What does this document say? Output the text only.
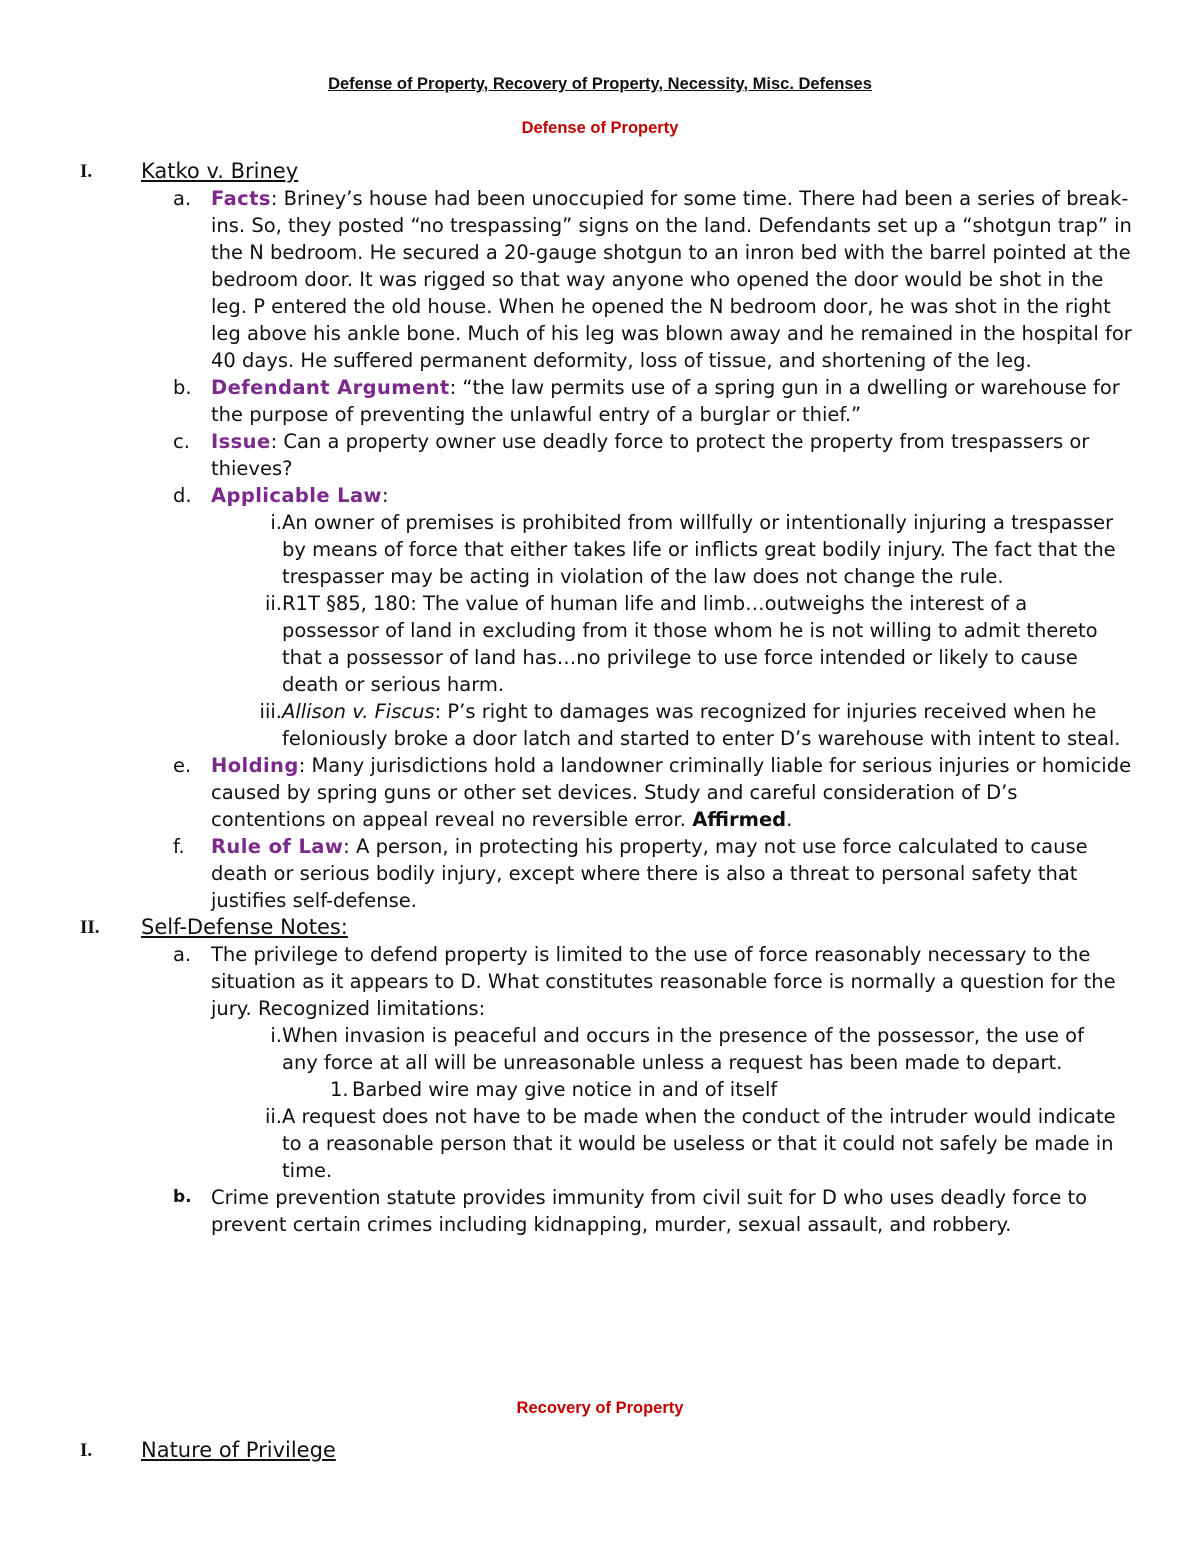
Defense of Property, Recovery of Property, Necessity, Misc. Defenses
Defense of Property
I. Katko v. Briney
a. Facts: Briney’s house had been unoccupied for some time. There had been a series of break-ins. So, they posted “no trespassing” signs on the land. Defendants set up a “shotgun trap” in the N bedroom. He secured a 20-gauge shotgun to an inron bed with the barrel pointed at the bedroom door. It was rigged so that way anyone who opened the door would be shot in the leg. P entered the old house. When he opened the N bedroom door, he was shot in the right leg above his ankle bone. Much of his leg was blown away and he remained in the hospital for 40 days. He suffered permanent deformity, loss of tissue, and shortening of the leg.
b. Defendant Argument: “the law permits use of a spring gun in a dwelling or warehouse for the purpose of preventing the unlawful entry of a burglar or thief.”
c. Issue: Can a property owner use deadly force to protect the property from trespassers or thieves?
d. Applicable Law:
i. An owner of premises is prohibited from willfully or intentionally injuring a trespasser by means of force that either takes life or inflicts great bodily injury. The fact that the trespasser may be acting in violation of the law does not change the rule.
ii. R1T §85, 180: The value of human life and limb…outweighs the interest of a possessor of land in excluding from it those whom he is not willing to admit thereto that a possessor of land has…no privilege to use force intended or likely to cause death or serious harm.
iii. Allison v. Fiscus: P’s right to damages was recognized for injuries received when he feloniously broke a door latch and started to enter D’s warehouse with intent to steal.
e. Holding: Many jurisdictions hold a landowner criminally liable for serious injuries or homicide caused by spring guns or other set devices. Study and careful consideration of D’s contentions on appeal reveal no reversible error. Affirmed.
f. Rule of Law: A person, in protecting his property, may not use force calculated to cause death or serious bodily injury, except where there is also a threat to personal safety that justifies self-defense.
II. Self-Defense Notes:
a. The privilege to defend property is limited to the use of force reasonably necessary to the situation as it appears to D. What constitutes reasonable force is normally a question for the jury. Recognized limitations:
i. When invasion is peaceful and occurs in the presence of the possessor, the use of any force at all will be unreasonable unless a request has been made to depart.
1. Barbed wire may give notice in and of itself
ii. A request does not have to be made when the conduct of the intruder would indicate to a reasonable person that it would be useless or that it could not safely be made in time.
b. Crime prevention statute provides immunity from civil suit for D who uses deadly force to prevent certain crimes including kidnapping, murder, sexual assault, and robbery.
Recovery of Property
I. Nature of Privilege
